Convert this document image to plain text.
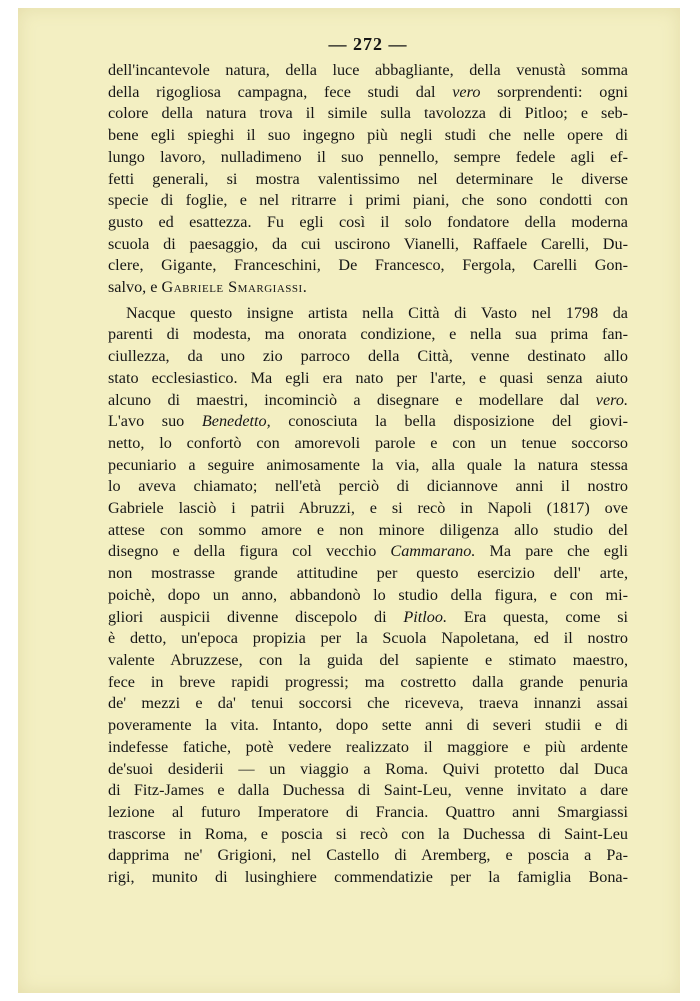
— 272 —

dell'incantevole natura, della luce abbagliante, della venustà somma
della rigogliosa campagna, fece studi dal vero sorprendenti: ogni
colore della natura trova il simile sulla tavolozza di Pitloo; e seb-
bene egli spieghi il suo ingegno più negli studi che nelle opere di
lungo lavoro, nulladimeno il suo pennello, sempre fedele agli ef-
fetti generali, si mostra valentissimo nel determinare le diverse
specie di foglie, e nel ritrarre i primi piani, che sono condotti con
gusto ed esattezza. Fu egli così il solo fondatore della moderna
scuola di paesaggio, da cui uscirono Vianelli, Raffaele Carelli, Du-
clere, Gigante, Franceschini, De Francesco, Fergola, Carelli Gon-
salvo, e Gabriele Smargiassi.

Nacque questo insigne artista nella Città di Vasto nel 1798 da
parenti di modesta, ma onorata condizione, e nella sua prima fan-
ciullezza, da uno zio parroco della Città, venne destinato allo
stato ecclesiastico. Ma egli era nato per l'arte, e quasi senza aiuto
alcuno di maestri, incominciò a disegnare e modellare dal vero.
L'avo suo Benedetto, conosciuta la bella disposizione del giovi-
netto, lo confortò con amorevoli parole e con un tenue soccorso
pecuniario a seguire animosamente la via, alla quale la natura stessa
lo aveva chiamato; nell'età perciò di diciannove anni il nostro
Gabriele lasciò i patrii Abruzzi, e si recò in Napoli (1817) ove
attese con sommo amore e non minore diligenza allo studio del
disegno e della figura col vecchio Cammarano. Ma pare che egli
non mostrasse grande attitudine per questo esercizio dell' arte,
poichè, dopo un anno, abbandonò lo studio della figura, e con mi-
gliori auspicii divenne discepolo di Pitloo. Era questa, come si
è detto, un'epoca propizia per la Scuola Napoletana, ed il nostro
valente Abruzzese, con la guida del sapiente e stimato maestro,
fece in breve rapidi progressi; ma costretto dalla grande penuria
de' mezzi e da' tenui soccorsi che riceveva, traeva innanzi assai
poveramente la vita. Intanto, dopo sette anni di severi studii e di
indefesse fatiche, potè vedere realizzato il maggiore e più ardente
de'suoi desiderii — un viaggio a Roma. Quivi protetto dal Duca
di Fitz-James e dalla Duchessa di Saint-Leu, venne invitato a dare
lezione al futuro Imperatore di Francia. Quattro anni Smargiassi
trascorse in Roma, e poscia si recò con la Duchessa di Saint-Leu
dapprima ne' Grigioni, nel Castello di Aremberg, e poscia a Pa-
rigi, munito di lusinghiere commendatizie per la famiglia Bona-
